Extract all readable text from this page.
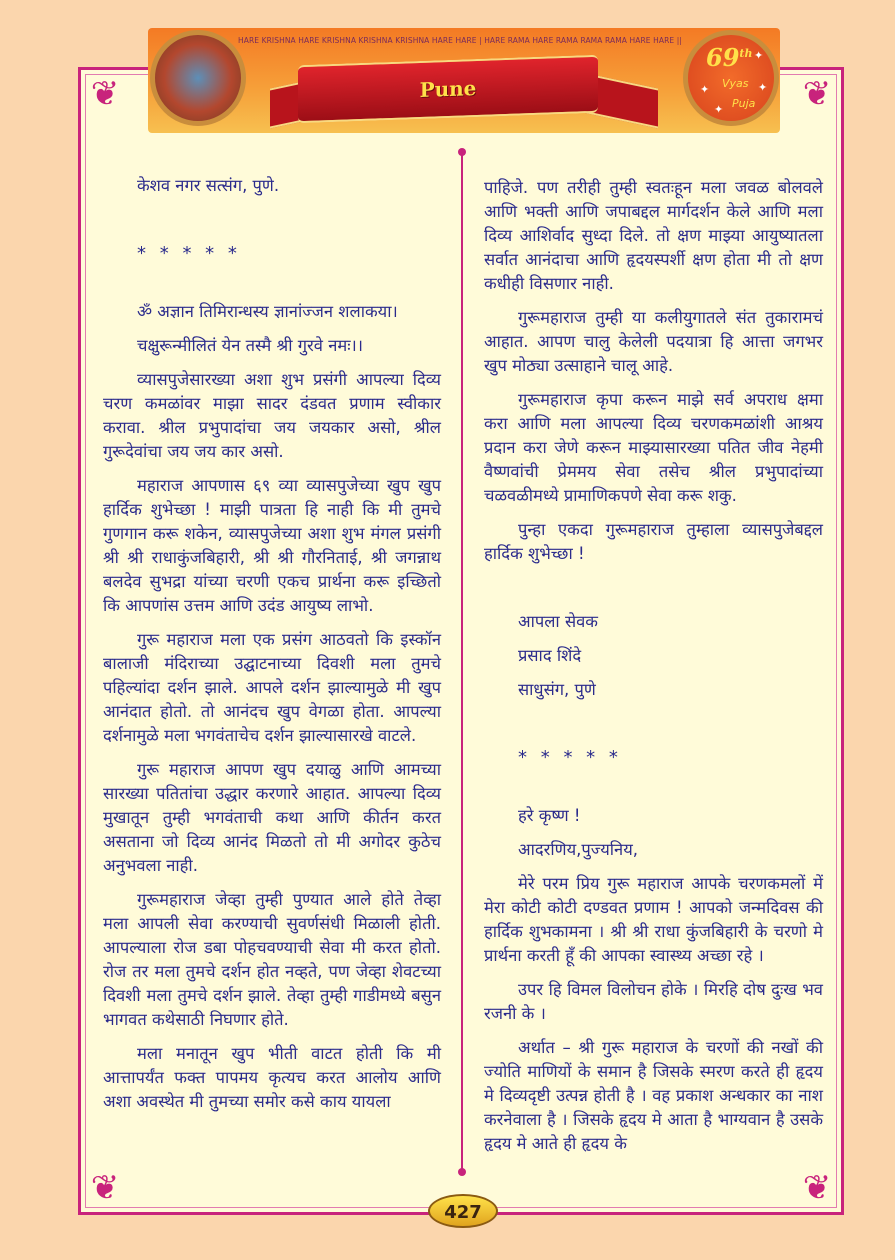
❦	❦
❦	❦
HARE KRISHNA HARE KRISHNA KRISHNA KRISHNA HARE HARE | HARE RAMA HARE RAMA RAMA RAMA HARE HARE ||
Pune
69th
Vyas
Puja
✦
✦	✦
✦
केशव नगर सत्संग, पुणे.
* * * * *
ॐ अज्ञान तिमिरान्धस्य ज्ञानांज्जन शलाकया।
चक्षुरून्मीलितं येन तस्मै श्री गुरवे नमः।।
व्यासपुजेसारख्या अशा शुभ प्रसंगी आपल्या दिव्य चरण कमळांवर माझा सादर दंडवत प्रणाम स्वीकार करावा. श्रील प्रभुपादांचा जय जयकार असो, श्रील गुरूदेवांचा जय जय कार असो.
महाराज आपणास ६९ व्या व्यासपुजेच्या खुप खुप हार्दिक शुभेच्छा ! माझी पात्रता हि नाही कि मी तुमचे गुणगान करू शकेन, व्यासपुजेच्या अशा शुभ मंगल प्रसंगी श्री श्री राधाकुंजबिहारी, श्री श्री गौरनिताई, श्री जगन्नाथ बलदेव सुभद्रा यांच्या चरणी एकच प्रार्थना करू इच्छितो कि आपणांस उत्तम आणि उदंड आयुष्य लाभो.
गुरू महाराज मला एक प्रसंग आठवतो कि इस्कॉन बालाजी मंदिराच्या उद्घाटनाच्या दिवशी मला तुमचे पहिल्यांदा दर्शन झाले. आपले दर्शन झाल्यामुळे मी खुप आनंदात होतो. तो आनंदच खुप वेगळा होता. आपल्या दर्शनामुळे मला भगवंताचेच दर्शन झाल्यासारखे वाटले.
गुरू महाराज आपण खुप दयाळु आणि आमच्या सारख्या पतितांचा उद्धार करणारे आहात. आपल्या दिव्य मुखातून तुम्ही भगवंताची कथा आणि कीर्तन करत असताना जो दिव्य आनंद मिळतो तो मी अगोदर कुठेच अनुभवला नाही.
गुरूमहाराज जेव्हा तुम्ही पुण्यात आले होते तेव्हा मला आपली सेवा करण्याची सुवर्णसंधी मिळाली होती. आपल्याला रोज डबा पोहचवण्याची सेवा मी करत होतो. रोज तर मला तुमचे दर्शन होत नव्हते, पण जेव्हा शेवटच्या दिवशी मला तुमचे दर्शन झाले. तेव्हा तुम्ही गाडीमध्ये बसुन भागवत कथेसाठी निघणार होते.
मला मनातून खुप भीती वाटत होती कि मी आत्तापर्यंत फक्त पापमय कृत्यच करत आलोय आणि अशा अवस्थेत मी तुमच्या समोर कसे काय यायला
पाहिजे. पण तरीही तुम्ही स्वतःहून मला जवळ बोलवले आणि भक्ती आणि जपाबद्दल मार्गदर्शन केले आणि मला दिव्य आशिर्वाद सुध्दा दिले. तो क्षण माझ्या आयुष्यातला सर्वात आनंदाचा आणि हृदयस्पर्शी क्षण होता मी तो क्षण कधीही विसणार नाही.
गुरूमहाराज तुम्ही या कलीयुगातले संत तुकारामचं आहात. आपण चालु केलेली पदयात्रा हि आत्ता जगभर खुप मोठ्या उत्साहाने चालू आहे.
गुरूमहाराज कृपा करून माझे सर्व अपराध क्षमा करा आणि मला आपल्या दिव्य चरणकमळांशी आश्रय प्रदान करा जेणे करून माझ्यासारख्या पतित जीव नेहमी वैष्णवांची प्रेममय सेवा तसेच श्रील प्रभुपादांच्या चळवळीमध्ये प्रामाणिकपणे सेवा करू शकु.
पुन्हा एकदा गुरूमहाराज तुम्हाला व्यासपुजेबद्दल हार्दिक शुभेच्छा !
आपला सेवक
प्रसाद शिंदे
साधुसंग, पुणे
* * * * *
हरे कृष्ण !
आदरणिय,पुज्यनिय,
मेरे परम प्रिय गुरू महाराज आपके चरणकमलों में मेरा कोटी कोटी दण्डवत प्रणाम ! आपको जन्मदिवस की हार्दिक शुभकामना । श्री श्री राधा कुंजबिहारी के चरणो मे प्रार्थना करती हूँ की आपका स्वास्थ्य अच्छा रहे ।
उपर हि विमल विलोचन होके । मिरहि दोष दुःख भव रजनी के ।
अर्थात – श्री गुरू महाराज के चरणों की नखों की ज्योति माणियों के समान है जिसके स्मरण करते ही हृदय मे दिव्यदृष्टी उत्पन्न होती है । वह प्रकाश अन्धकार का नाश करनेवाला है । जिसके हृदय मे आता है भाग्यवान है उसके हृदय मे आते ही हृदय के
427
